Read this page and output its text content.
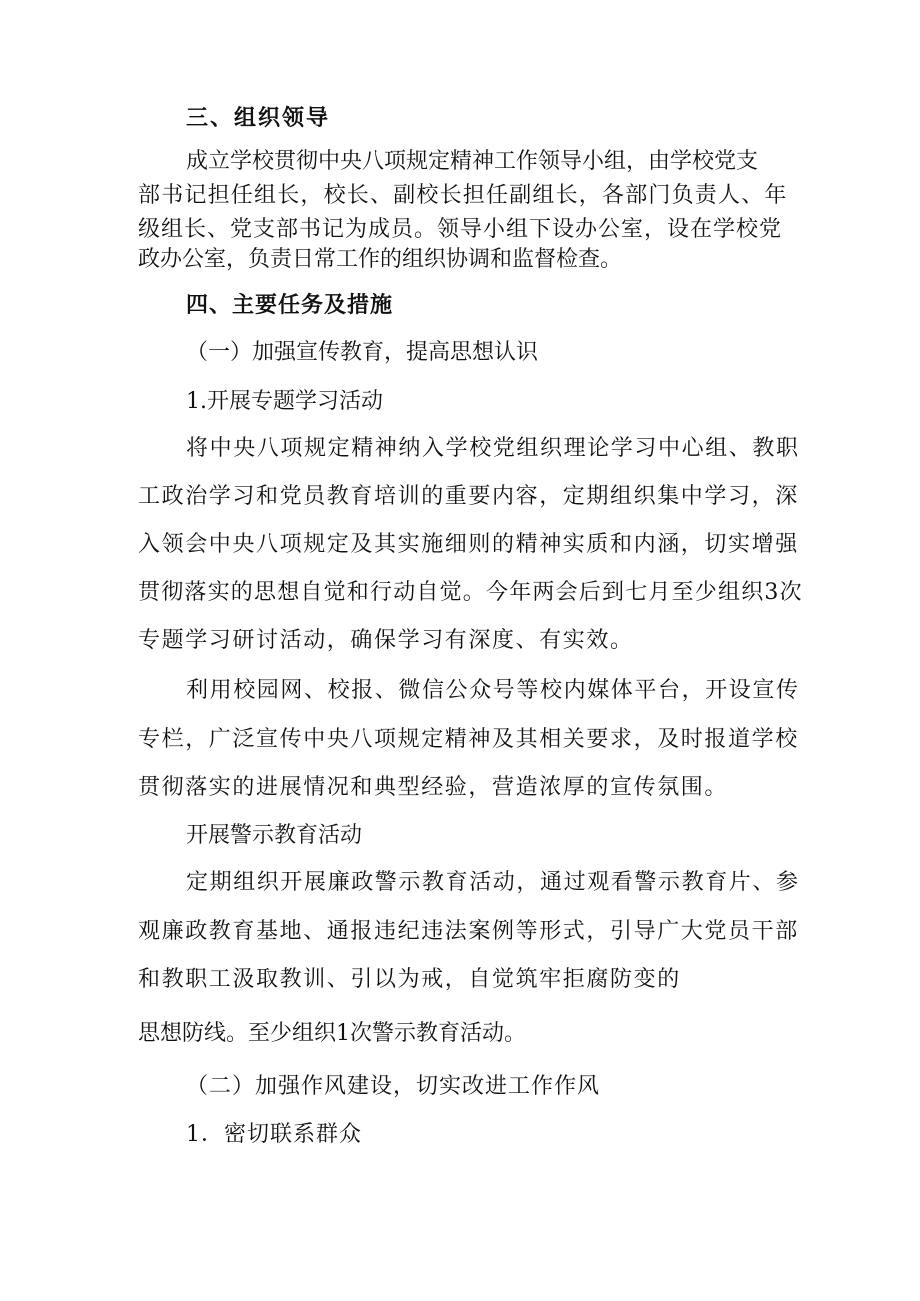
三、组织领导

成立学校贯彻中央八项规定精神工作领导小组，由学校党支

部书记担任组长，校长、副校长担任副组长，各部门负责人、年

级组长、党支部书记为成员。领导小组下设办公室，设在学校党

政办公室，负责日常工作的组织协调和监督检查。

四、主要任务及措施

（一）加强宣传教育，提高思想认识

1.开展专题学习活动

将中央八项规定精神纳入学校党组织理论学习中心组、教职

工政治学习和党员教育培训的重要内容，定期组织集中学习，深

入领会中央八项规定及其实施细则的精神实质和内涵，切实增强

贯彻落实的思想自觉和行动自觉。今年两会后到七月至少组织3次

专题学习研讨活动，确保学习有深度、有实效。

利用校园网、校报、微信公众号等校内媒体平台，开设宣传

专栏，广泛宣传中央八项规定精神及其相关要求，及时报道学校

贯彻落实的进展情况和典型经验，营造浓厚的宣传氛围。

开展警示教育活动

定期组织开展廉政警示教育活动，通过观看警示教育片、参

观廉政教育基地、通报违纪违法案例等形式，引导广大党员干部

和教职工汲取教训、引以为戒，自觉筑牢拒腐防变的

思想防线。至少组织1次警示教育活动。

（二）加强作风建设，切实改进工作作风

1．密切联系群众
